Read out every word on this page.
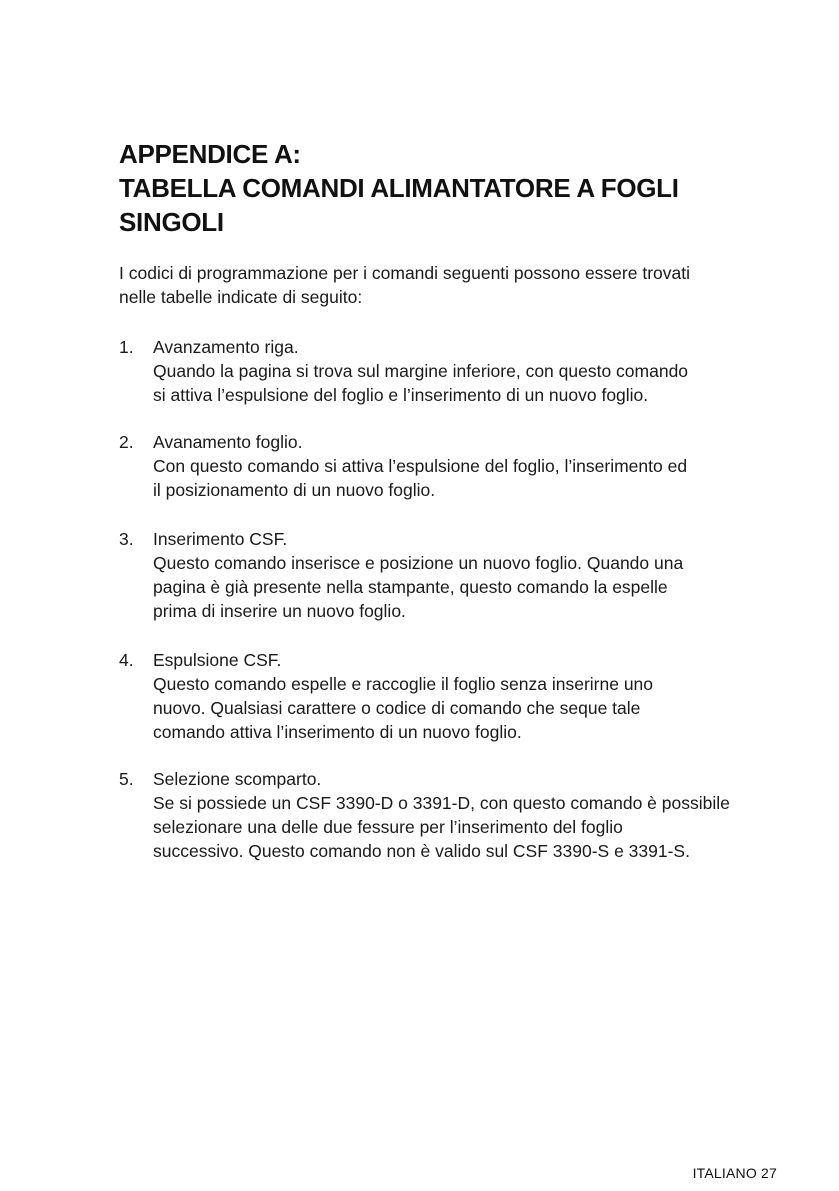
APPENDICE A:
TABELLA COMANDI ALIMANTATORE A FOGLI
SINGOLI

I codici di programmazione per i comandi seguenti possono essere trovati
nelle tabelle indicate di seguito:

1.	Avanzamento riga.
Quando la pagina si trova sul margine inferiore, con questo comando
si attiva l’espulsione del foglio e l’inserimento di un nuovo foglio.
2.	Avanamento foglio.
Con questo comando si attiva l’espulsione del foglio, l’inserimento ed
il posizionamento di un nuovo foglio.
3.	Inserimento CSF.
Questo comando inserisce e posizione un nuovo foglio. Quando una
pagina è già presente nella stampante, questo comando la espelle
prima di inserire un nuovo foglio.
4.	Espulsione CSF.
Questo comando espelle e raccoglie il foglio senza inserirne uno
nuovo. Qualsiasi carattere o codice di comando che seque tale
comando attiva l’inserimento di un nuovo foglio.
5.	Selezione scomparto.
Se si possiede un CSF 3390-D o 3391-D, con questo comando è possibile
selezionare una delle due fessure per l’inserimento del foglio
successivo. Questo comando non è valido sul CSF 3390-S e 3391-S.
ITALIANO 27
